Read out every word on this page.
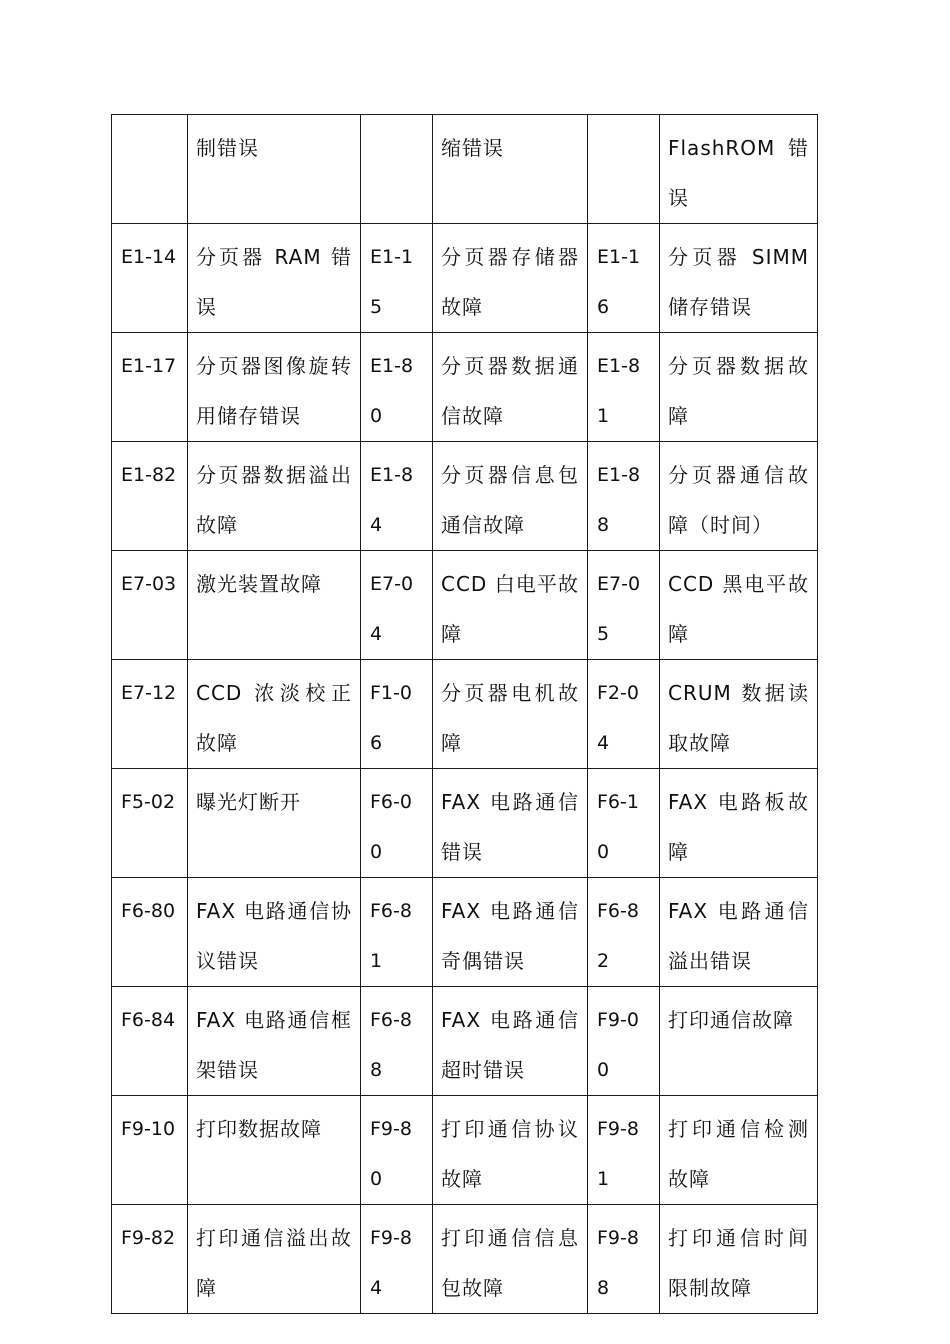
	制错误		缩错误		FlashROM 错误
E1-14	分页器 RAM 错误	E1-15	分页器存储器故障	E1-16	分页器 SIMM 储存错误
E1-17	分页器图像旋转用储存错误	E1-80	分页器数据通信故障	E1-81	分页器数据故障
E1-82	分页器数据溢出故障	E1-84	分页器信息包通信故障	E1-88	分页器通信故障（时间）
E7-03	激光装置故障	E7-04	CCD 白电平故障	E7-05	CCD 黑电平故障
E7-12	CCD 浓淡校正故障	F1-06	分页器电机故障	F2-04	CRUM 数据读取故障
F5-02	曝光灯断开	F6-00	FAX 电路通信错误	F6-10	FAX 电路板故障
F6-80	FAX 电路通信协议错误	F6-81	FAX 电路通信奇偶错误	F6-82	FAX 电路通信溢出错误
F6-84	FAX 电路通信框架错误	F6-88	FAX 电路通信超时错误	F9-00	打印通信故障
F9-10	打印数据故障	F9-80	打印通信协议故障	F9-81	打印通信检测故障
F9-82	打印通信溢出故障	F9-84	打印通信信息包故障	F9-88	打印通信时间限制故障
